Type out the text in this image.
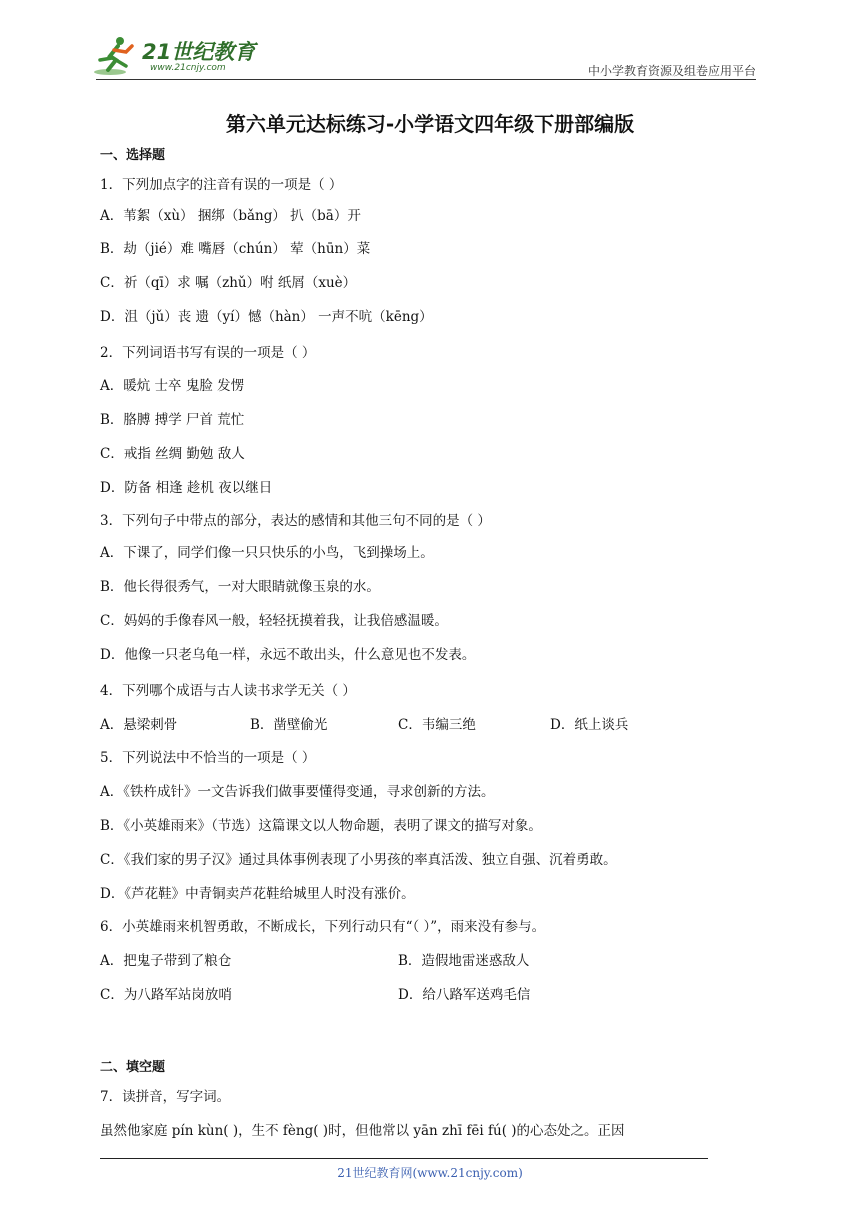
21世纪教育
www.21cnjy.com	中小学教育资源及组卷应用平台
第六单元达标练习-小学语文四年级下册部编版
一、选择题
1．下列加点字的注音有误的一项是（ ）
A．苇絮（xù） 捆绑（bǎng） 扒（bā）开
B．劫（jié）难 嘴唇（chún） 荤（hūn）菜
C．祈（qī）求 嘱（zhǔ）咐 纸屑（xuè）
D．沮（jǔ）丧 遗（yí）憾（hàn） 一声不吭（kēng）
2．下列词语书写有误的一项是（ ）
A．暖炕 士卒 鬼脸 发愣
B．胳膊 搏学 尸首 荒忙
C．戒指 丝绸 勤勉 敌人
D．防备 相逢 趁机 夜以继日
3．下列句子中带点的部分，表达的感情和其他三句不同的是（ ）
A．下课了，同学们像一只只快乐的小鸟，飞到操场上。
B．他长得很秀气，一对大眼睛就像玉泉的水。
C．妈妈的手像春风一般，轻轻抚摸着我，让我倍感温暖。
D．他像一只老乌龟一样，永远不敢出头，什么意见也不发表。
4．下列哪个成语与古人读书求学无关（ ）
A．悬梁刺骨	B．凿壁偷光	C．韦编三绝	D．纸上谈兵
5．下列说法中不恰当的一项是（ ）
A．《铁杵成针》一文告诉我们做事要懂得变通，寻求创新的方法。
B．《小英雄雨来》（节选）这篇课文以人物命题，表明了课文的描写对象。
C．《我们家的男子汉》通过具体事例表现了小男孩的率真活泼、独立自强、沉着勇敢。
D．《芦花鞋》中青铜卖芦花鞋给城里人时没有涨价。
6．小英雄雨来机智勇敢，不断成长，下列行动只有“（ ）”，雨来没有参与。
A．把鬼子带到了粮仓	B．造假地雷迷惑敌人
C．为八路军站岗放哨	D．给八路军送鸡毛信
二、填空题
7．读拼音，写字词。
虽然他家庭 pín kùn( )，生不 fèng( )时，但他常以 yān zhī fēi fú( )的心态处之。正因
21世纪教育网(www.21cnjy.com)
